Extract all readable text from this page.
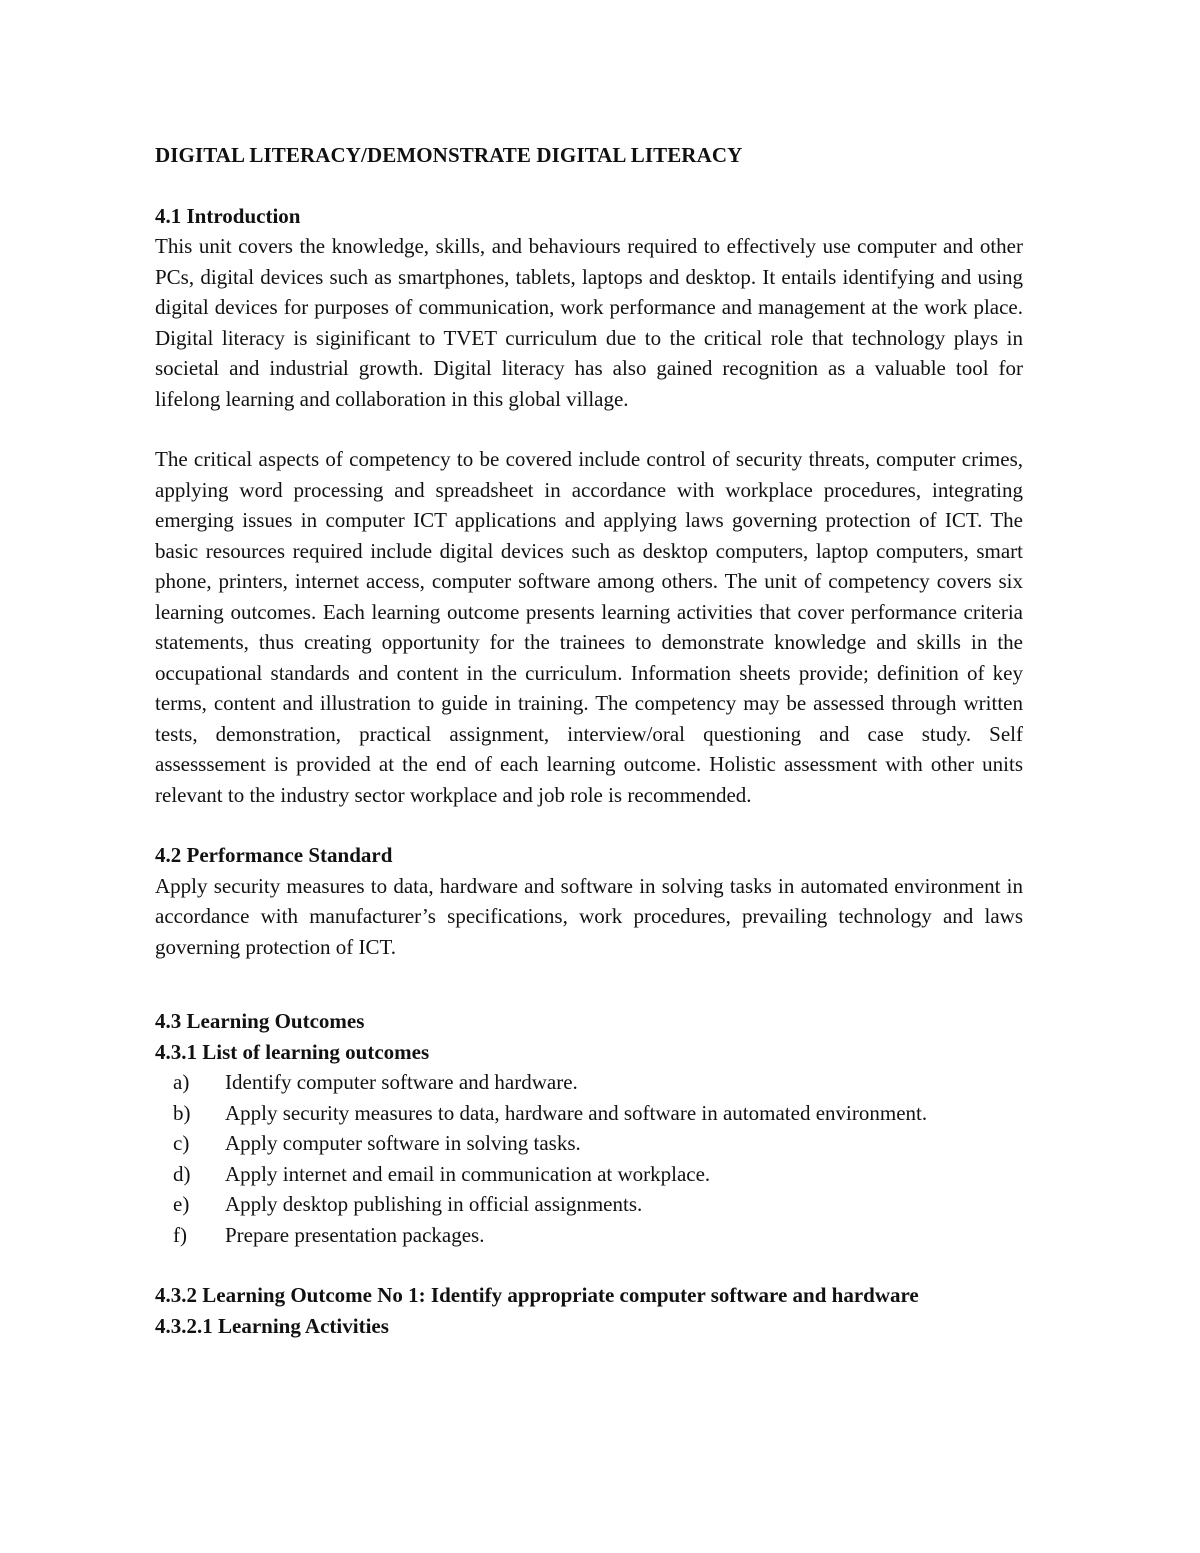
DIGITAL LITERACY/DEMONSTRATE DIGITAL LITERACY

4.1 Introduction

This unit covers the knowledge, skills, and behaviours required to effectively use computer and other PCs, digital devices such as smartphones, tablets, laptops and desktop. It entails identifying and using digital devices for purposes of communication, work performance and management at the work place. Digital literacy is siginificant to TVET curriculum due to the critical role that technology plays in societal and industrial growth. Digital literacy has also gained recognition as a valuable tool for lifelong learning and collaboration in this global village.

The critical aspects of competency to be covered include control of security threats, computer crimes, applying word processing and spreadsheet in accordance with workplace procedures, integrating emerging issues in computer ICT applications and applying laws governing protection of ICT. The basic resources required include digital devices such as desktop computers, laptop computers, smart phone, printers, internet access, computer software among others. The unit of competency covers six learning outcomes. Each learning outcome presents learning activities that cover performance criteria statements, thus creating opportunity for the trainees to demonstrate knowledge and skills in the occupational standards and content in the curriculum. Information sheets provide; definition of key terms, content and illustration to guide in training. The competency may be assessed through written tests, demonstration, practical assignment, interview/oral questioning and case study. Self assesssement is provided at the end of each learning outcome. Holistic assessment with other units relevant to the industry sector workplace and job role is recommended.

4.2 Performance Standard

Apply security measures to data, hardware and software in solving tasks in automated environment in accordance with manufacturer’s specifications, work procedures, prevailing technology and laws governing protection of ICT.

4.3 Learning Outcomes

4.3.1 List of learning outcomes

a) Identify computer software and hardware.
b) Apply security measures to data, hardware and software in automated environment.
c) Apply computer software in solving tasks.
d) Apply internet and email in communication at workplace.
e) Apply desktop publishing in official assignments.
f) Prepare presentation packages.

4.3.2 Learning Outcome No 1: Identify appropriate computer software and hardware

4.3.2.1 Learning Activities
